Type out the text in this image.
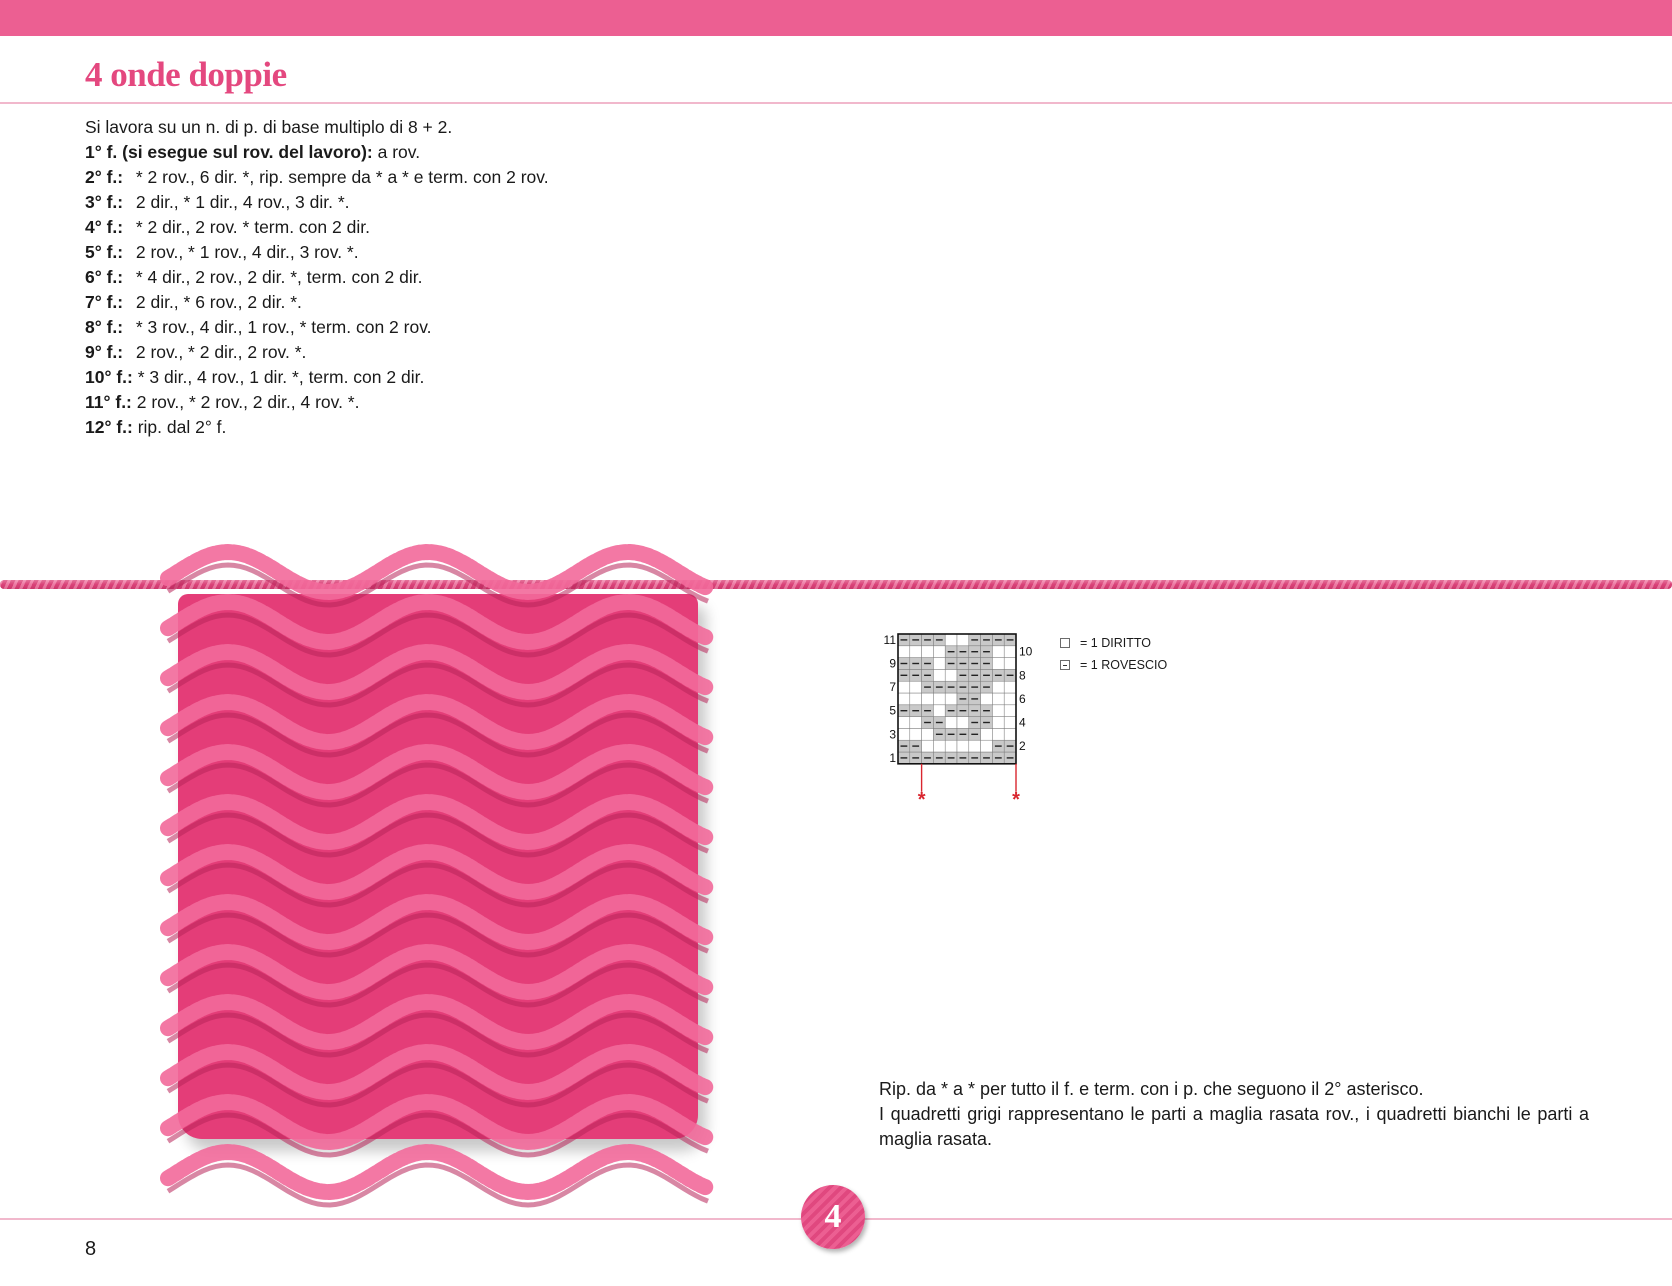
4 onde doppie
Si lavora su un n. di p. di base multiplo di 8 + 2.
1° f. (si esegue sul rov. del lavoro): a rov.
2° f.: * 2 rov., 6 dir. *, rip. sempre da * a * e term. con 2 rov.
3° f.: 2 dir., * 1 dir., 4 rov., 3 dir. *.
4° f.: * 2 dir., 2 rov. * term. con 2 dir.
5° f.: 2 rov., * 1 rov., 4 dir., 3 rov. *.
6° f.: * 4 dir., 2 rov., 2 dir. *, term. con 2 dir.
7° f.: 2 dir., * 6 rov., 2 dir. *.
8° f.: * 3 rov., 4 dir., 1 rov., * term. con 2 rov.
9° f.: 2 rov., * 2 dir., 2 rov. *.
10° f.: * 3 dir., 4 rov., 1 dir. *, term. con 2 dir.
11° f.: 2 rov., * 2 rov., 2 dir., 4 rov. *.
12° f.: rip. dal 2° f.
11
9
7
5
3
1
10
8
6
4
2
*	*
= 1 DIRITTO
= 1 ROVESCIO

Rip. da * a * per tutto il f. e term. con i p. che seguono il 2° asterisco.

I quadretti grigi rappresentano le parti a maglia rasata rov., i quadretti bianchi le parti a maglia rasata.

4
8
